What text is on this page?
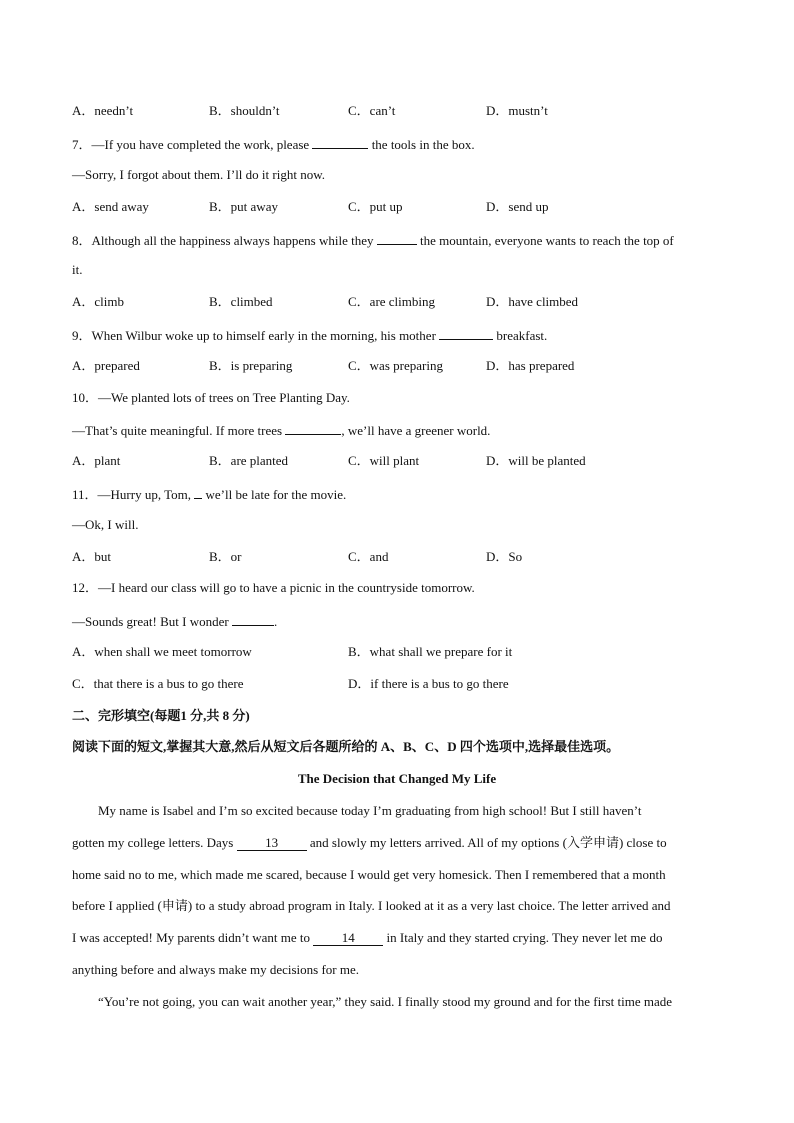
A．needn’t	B．shouldn’t	C．can’t	D．mustn’t
7．—If you have completed the work, please	the tools in the box.
—Sorry, I forgot about them. I’ll do it right now.
A．send away	B．put away	C．put up	D．send up
8．Although all the happiness always happens while they	the mountain, everyone wants to reach the top of
it.
A．climb	B．climbed	C．are climbing	D．have climbed
9．When Wilbur woke up to himself early in the morning, his mother	breakfast.
A．prepared	B．is preparing	C．was preparing	D．has prepared
10．—We planted lots of trees on Tree Planting Day.
—That’s quite meaningful. If more trees	, we’ll have a greener world.
A．plant	B．are planted	C．will plant	D．will be planted
11．—Hurry up, Tom,  we’ll be late for the movie.
—Ok, I will.
A．but	B．or	C．and	D．So
12．—I heard our class will go to have a picnic in the countryside tomorrow.
—Sounds great! But I wonder	.
A．when shall we meet tomorrow	B．what shall we prepare for it
C．that there is a bus to go there	D．if there is a bus to go there
二、完形填空(每题1 分,共 8 分)
阅读下面的短文,掌握其大意,然后从短文后各题所给的 A、B、C、D 四个选项中,选择最佳选项。
The Decision that Changed My Life
My name is Isabel and I’m so excited because today I’m graduating from high school! But I still haven’t
gotten my college letters. Days 13 and slowly my letters arrived. All of my options (入学申请) close to
home said no to me, which made me scared, because I would get very homesick. Then I remembered that a month
before I applied (申请) to a study abroad program in Italy. I looked at it as a very last choice. The letter arrived and
I was accepted! My parents didn’t want me to 14 in Italy and they started crying. They never let me do
anything before and always make my decisions for me.
“You’re not going, you can wait another year,” they said. I finally stood my ground and for the first time made
